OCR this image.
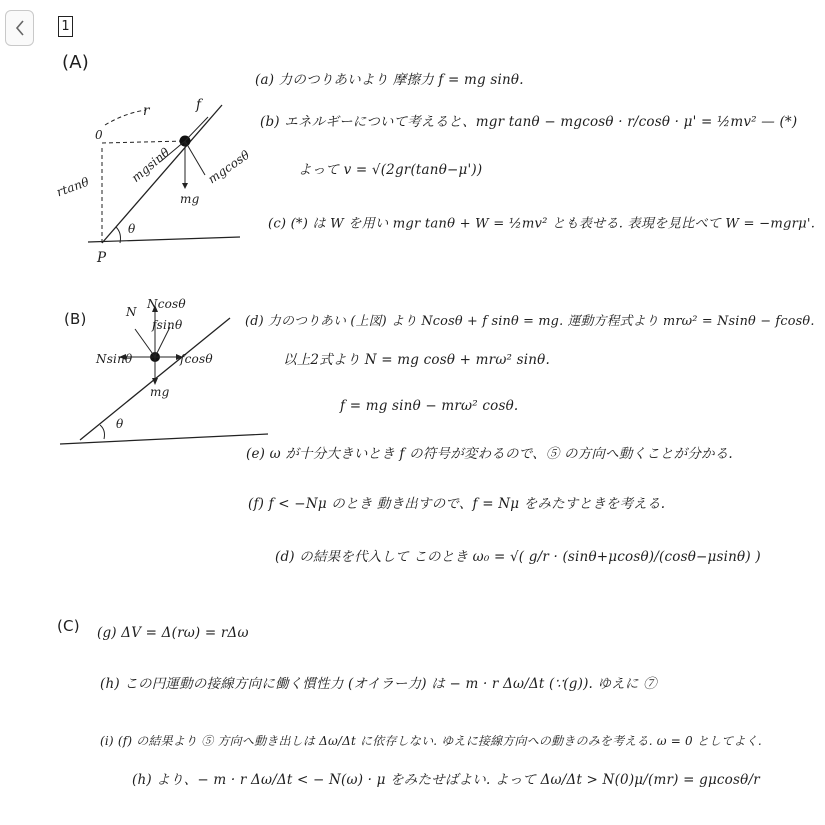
1
(A)
r	f
0
rtanθ
mgsinθ	mgcosθ
mg
θ
P
(a) 力のつりあいより 摩擦力 f = mg sinθ.
(b) エネルギーについて考えると、mgr tanθ − mgcosθ · r/cosθ · μ' = ½mv² — (*)
よって v = √(2gr(tanθ−μ'))
(c) (*) は W を用い mgr tanθ + W = ½mv² とも表せる. 表現を見比べて W = −mgrμ'.
(B)	N
Ncosθ
fsinθ
Nsinθ	fcosθ
mg
θ
(d) 力のつりあい (上図) より Ncosθ + f sinθ = mg. 運動方程式より mrω² = Nsinθ − fcosθ.
以上2式より N = mg cosθ + mrω² sinθ.
f = mg sinθ − mrω² cosθ.
(e) ω が十分大きいとき f の符号が変わるので、⑤ の方向へ動くことが分かる.
(f) f < −Nμ のとき 動き出すので、f = Nμ をみたすときを考える.
(d) の結果を代入して このとき ω₀ = √( g/r · (sinθ+μcosθ)/(cosθ−μsinθ) )
(C) (g) ΔV = Δ(rω) = rΔω
(h) この円運動の接線方向に働く慣性力 (オイラー力) は − m · r Δω/Δt (∵(g)). ゆえに ⑦
(i) (f) の結果より ⑤ 方向へ動き出しは Δω/Δt に依存しない. ゆえに接線方向への動きのみを考える. ω = 0 としてよく.
(h) より、− m · r Δω/Δt < − N(ω) · μ をみたせばよい. よって Δω/Δt > N(0)μ/(mr) = gμcosθ/r
